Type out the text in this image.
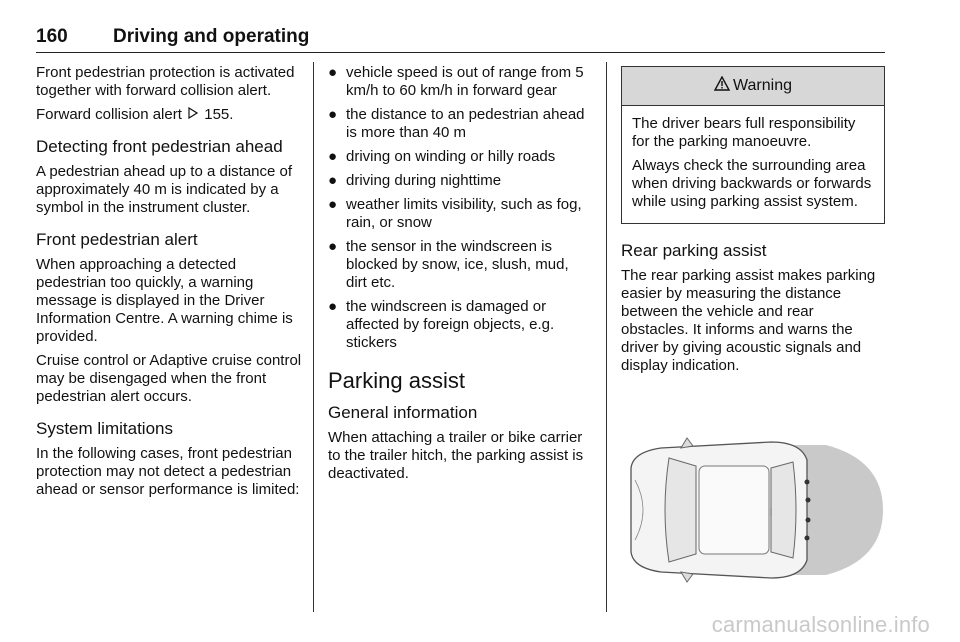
160 Driving and operating

Front pedestrian protection is activated together with forward collision alert.

Forward collision alert 155.

Detecting front pedestrian ahead

A pedestrian ahead up to a distance of approximately 40 m is indicated by a symbol in the instrument cluster.

Front pedestrian alert

When approaching a detected pedestrian too quickly, a warning message is displayed in the Driver Information Centre. A warning chime is provided.

Cruise control or Adaptive cruise control may be disengaged when the front pedestrian alert occurs.

System limitations

In the following cases, front pedestrian protection may not detect a pedestrian ahead or sensor performance is limited:

● vehicle speed is out of range from 5 km/h to 60 km/h in forward gear
● the distance to an pedestrian ahead is more than 40 m
● driving on winding or hilly roads
● driving during nighttime
● weather limits visibility, such as fog, rain, or snow
● the sensor in the windscreen is blocked by snow, ice, slush, mud, dirt etc.
● the windscreen is damaged or affected by foreign objects, e.g. stickers
Parking assist
General information

When attaching a trailer or bike carrier to the trailer hitch, the parking assist is deactivated.

Warning

The driver bears full responsibility for the parking manoeuvre.

Always check the surrounding area when driving backwards or forwards while using parking assist system.

Rear parking assist

The rear parking assist makes parking easier by measuring the distance between the vehicle and rear obstacles. It informs and warns the driver by giving acoustic signals and display indication.

carmanualsonline.info
